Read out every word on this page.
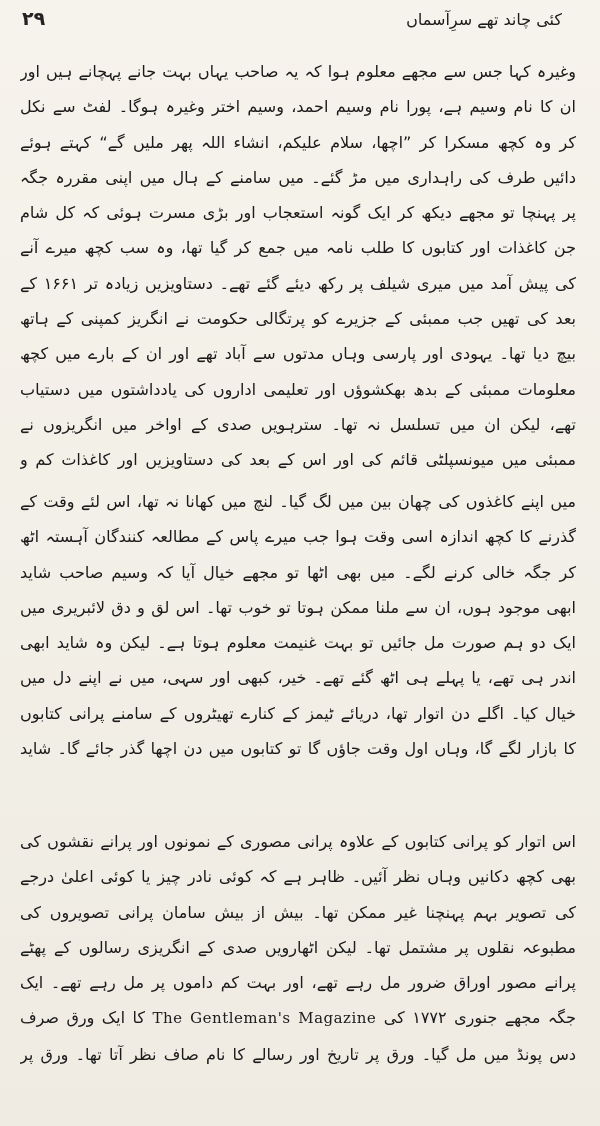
۲۹	کئی چاند تھے سرِآسماں

وغیرہ کہا جس سے مجھے معلوم ہوا کہ یہ صاحب یہاں بہت جانے پہچانے ہیں اور ان کا نام وسیم ہے، پورا نام وسیم احمد، وسیم اختر وغیرہ ہوگا۔ لفٹ سے نکل کر وہ کچھ مسکرا کر ”اچھا، سلام علیکم، انشاء اللہ پھر ملیں گے“ کہتے ہوئے دائیں طرف کی راہداری میں مڑ گئے۔ میں سامنے کے ہال میں اپنی مقررہ جگہ پر پہنچا تو مجھے دیکھ کر ایک گونہ استعجاب اور بڑی مسرت ہوئی کہ کل شام جن کاغذات اور کتابوں کا طلب نامہ میں جمع کر گیا تھا، وہ سب کچھ میرے آنے کی پیش آمد میں میری شیلف پر رکھ دیئے گئے تھے۔ دستاویزیں زیادہ تر ۱۶۶۱ کے بعد کی تھیں جب ممبئی کے جزیرے کو پرتگالی حکومت نے انگریز کمپنی کے ہاتھ بیچ دیا تھا۔ یہودی اور پارسی وہاں مدتوں سے آباد تھے اور ان کے بارے میں کچھ معلومات ممبئی کے بدھ بھکشوؤں اور تعلیمی اداروں کی یادداشتوں میں دستیاب تھے، لیکن ان میں تسلسل نہ تھا۔ سترہویں صدی کے اواخر میں انگریزوں نے ممبئی میں میونسپلٹی قائم کی اور اس کے بعد کی دستاویزیں اور کاغذات کم و

میں اپنے کاغذوں کی چھان بین میں لگ گیا۔ لنچ میں کھانا نہ تھا، اس لئے وقت کے گذرنے کا کچھ اندازہ اسی وقت ہوا جب میرے پاس کے مطالعہ کنندگان آہستہ اٹھ کر جگہ خالی کرنے لگے۔ میں بھی اٹھا تو مجھے خیال آیا کہ وسیم صاحب شاید ابھی موجود ہوں، ان سے ملنا ممکن ہوتا تو خوب تھا۔ اس لق و دق لائبریری میں ایک دو ہم صورت مل جائیں تو بہت غنیمت معلوم ہوتا ہے۔ لیکن وہ شاید ابھی اندر ہی تھے، یا پہلے ہی اٹھ گئے تھے۔ خیر، کبھی اور سہی، میں نے اپنے دل میں خیال کیا۔ اگلے دن اتوار تھا، دریائے ٹیمز کے کنارے تھیٹروں کے سامنے پرانی کتابوں کا بازار لگے گا، وہاں اول وقت جاؤں گا تو کتابوں میں دن اچھا گذر جائے گا۔ شاید

اس اتوار کو پرانی کتابوں کے علاوہ پرانی مصوری کے نمونوں اور پرانے نقشوں کی بھی کچھ دکانیں وہاں نظر آئیں۔ ظاہر ہے کہ کوئی نادر چیز یا کوئی اعلیٰ درجے کی تصویر بہم پہنچنا غیر ممکن تھا۔ بیش از بیش سامان پرانی تصویروں کی مطبوعہ نقلوں پر مشتمل تھا۔ لیکن اٹھارویں صدی کے انگریزی رسالوں کے پھٹے پرانے مصور اوراق ضرور مل رہے تھے، اور بہت کم داموں پر مل رہے تھے۔ ایک جگہ مجھے جنوری ۱۷۷۲ کی The Gentleman's Magazine کا ایک ورق صرف دس پونڈ میں مل گیا۔ ورق پر تاریخ اور رسالے کا نام صاف نظر آتا تھا۔ ورق پر
